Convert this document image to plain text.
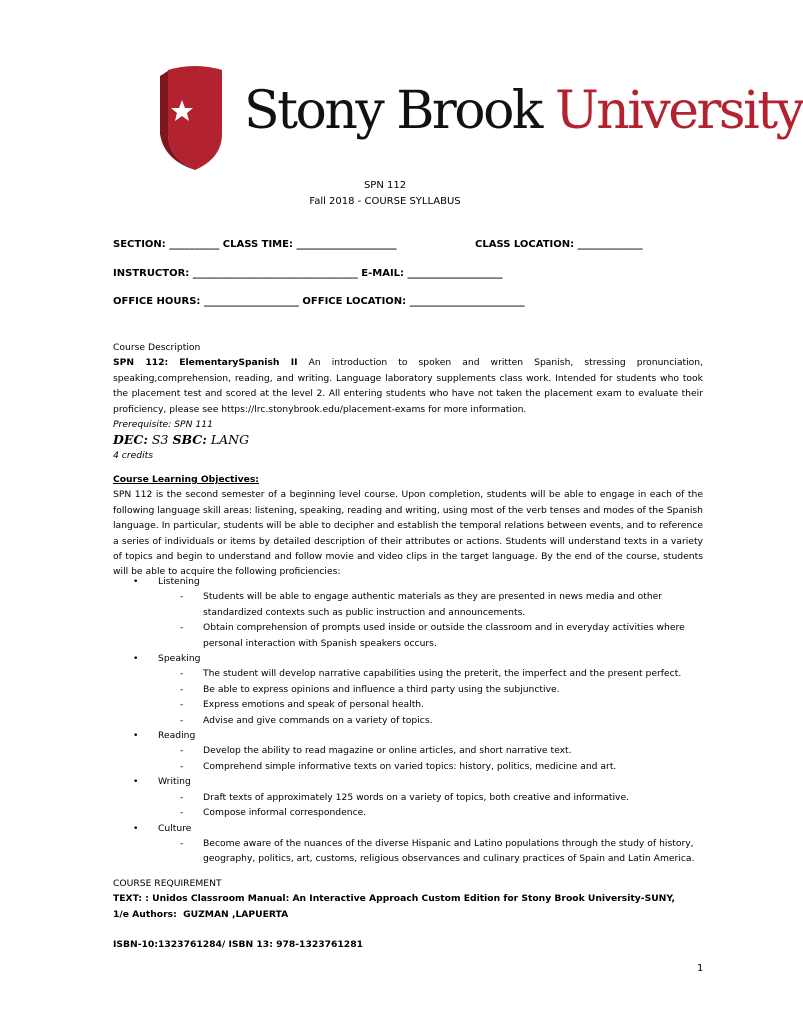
Stony Brook University
SPN 112
Fall 2018 - COURSE SYLLABUS
SECTION: __________ CLASS TIME: ____________________	CLASS LOCATION: _____________
INSTRUCTOR: _________________________________ E-MAIL: ___________________
OFFICE HOURS: ___________________ OFFICE LOCATION: _______________________

Course Description

SPN 112: ElementarySpanish II An introduction to spoken and written Spanish, stressing pronunciation, speaking,comprehension, reading, and writing. Language laboratory supplements class work. Intended for students who took the placement test and scored at the level 2. All entering students who have not taken the placement exam to evaluate their proficiency, please see https://lrc.stonybrook.edu/placement-exams for more information.

Prerequisite: SPN 111

DEC: S3 SBC: LANG

4 credits

Course Learning Objectives:

SPN 112 is the second semester of a beginning level course. Upon completion, students will be able to engage in each of the following language skill areas: listening, speaking, reading and writing, using most of the verb tenses and modes of the Spanish language. In particular, students will be able to decipher and establish the temporal relations between events, and to reference a series of individuals or items by detailed description of their attributes or actions. Students will understand texts in a variety of topics and begin to understand and follow movie and video clips in the target language. By the end of the course, students will be able to acquire the following proficiencies:

• Listening
- Students will be able to engage authentic materials as they are presented in news media and other standardized contexts such as public instruction and announcements.
- Obtain comprehension of prompts used inside or outside the classroom and in everyday activities where personal interaction with Spanish speakers occurs.
• Speaking
- The student will develop narrative capabilities using the preterit, the imperfect and the present perfect.
- Be able to express opinions and influence a third party using the subjunctive.
- Express emotions and speak of personal health.
- Advise and give commands on a variety of topics.
• Reading
- Develop the ability to read magazine or online articles, and short narrative text.
- Comprehend simple informative texts on varied topics: history, politics, medicine and art.
• Writing
- Draft texts of approximately 125 words on a variety of topics, both creative and informative.
- Compose informal correspondence.
• Culture
- Become aware of the nuances of the diverse Hispanic and Latino populations through the study of history, geography, politics, art, customs, religious observances and culinary practices of Spain and Latin America.

COURSE REQUIREMENT

TEXT: : Unidos Classroom Manual: An Interactive Approach Custom Edition for Stony Brook University-SUNY,

1/e Authors:  GUZMAN ,LAPUERTA

ISBN-10:1323761284/ ISBN 13: 978-1323761281

1
